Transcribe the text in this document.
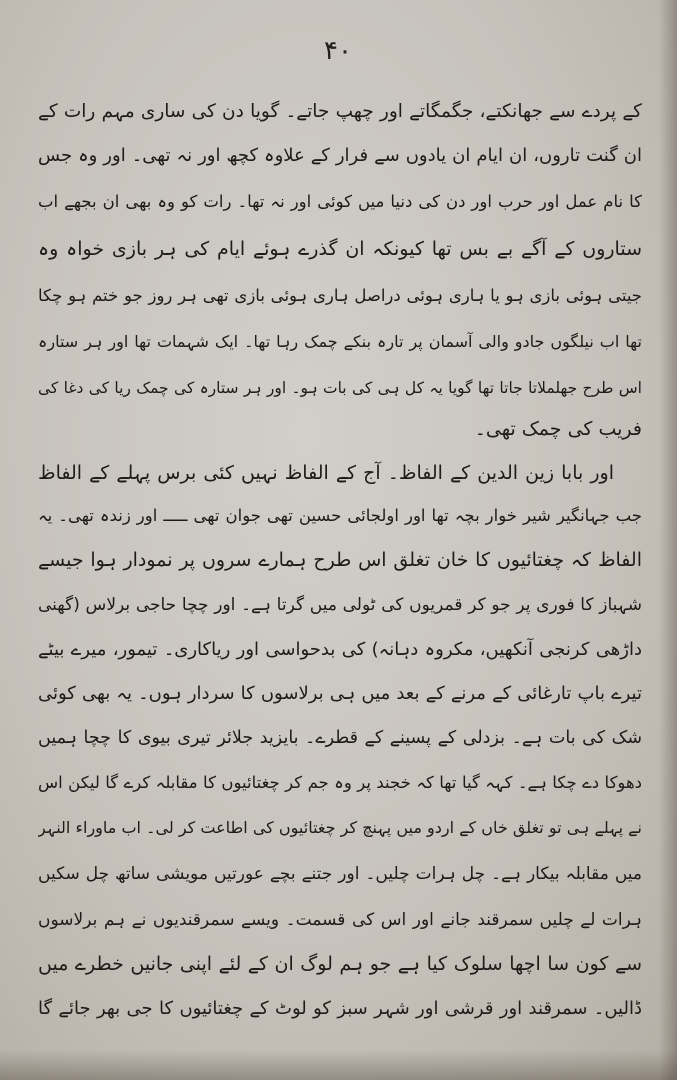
۴۰
کے پردے سے جھانکتے، جگمگاتے اور چھپ جاتے۔ گویا دن کی ساری مہم رات کے
ان گنت تاروں، ان ایام ان یادوں سے فرار کے علاوہ کچھ اور نہ تھی۔ اور وہ جس
کا نام عمل اور حرب اور دن کی دنیا میں کوئی اور نہ تھا۔ رات کو وہ بھی ان بجھے اب
ستاروں کے آگے بے بس تھا کیونکہ ان گذرے ہوئے ایام کی ہر بازی خواہ وہ
جیتی ہوئی بازی ہو یا ہاری ہوئی دراصل ہاری ہوئی بازی تھی ہر روز جو ختم ہو چکا
تھا اب نیلگوں جادو والی آسمان پر تارہ بنکے چمک رہا تھا۔ ایک شہمات تھا اور ہر ستارہ
اس طرح جھلملاتا جاتا تھا گویا یہ کل ہی کی بات ہو۔ اور ہر ستارہ کی چمک ریا کی دغا کی
فریب کی چمک تھی۔
اور بابا زین الدین کے الفاظ۔ آج کے الفاظ نہیں کئی برس پہلے کے الفاظ
جب جہانگیر شیر خوار بچہ تھا اور اولجائی حسین تھی جوان تھی ـــــ اور زندہ تھی۔ یہ
الفاظ کہ چغتائیوں کا خان تغلق اس طرح ہمارے سروں پر نمودار ہوا جیسے
شہباز کا فوری پر جو کر قمریوں کی ٹولی میں گرتا ہے۔ اور چچا حاجی برلاس (گھنی
داڑھی کرنجی آنکھیں، مکروہ دہانہ) کی بدحواسی اور ریاکاری۔ تیمور، میرے بیٹے
تیرے باپ تارغائی کے مرنے کے بعد میں ہی برلاسوں کا سردار ہوں۔ یہ بھی کوئی
شک کی بات ہے۔ بزدلی کے پسینے کے قطرے۔ بایزید جلائر تیری بیوی کا چچا ہمیں
دھوکا دے چکا ہے۔ کہہ گیا تھا کہ خجند پر وہ جم کر چغتائیوں کا مقابلہ کرے گا لیکن اس
نے پہلے ہی تو تغلق خاں کے اردو میں پہنچ کر چغتائیوں کی اطاعت کر لی۔ اب ماوراء النہر
میں مقابلہ بیکار ہے۔ چل ہرات چلیں۔ اور جتنے بچے عورتیں مویشی ساتھ چل سکیں
ہرات لے چلیں سمرقند جانے اور اس کی قسمت۔ ویسے سمرقندیوں نے ہم برلاسوں
سے کون سا اچھا سلوک کیا ہے جو ہم لوگ ان کے لئے اپنی جانیں خطرے میں
ڈالیں۔ سمرقند اور قرشی اور شہر سبز کو لوٹ کے چغتائیوں کا جی بھر جائے گا
